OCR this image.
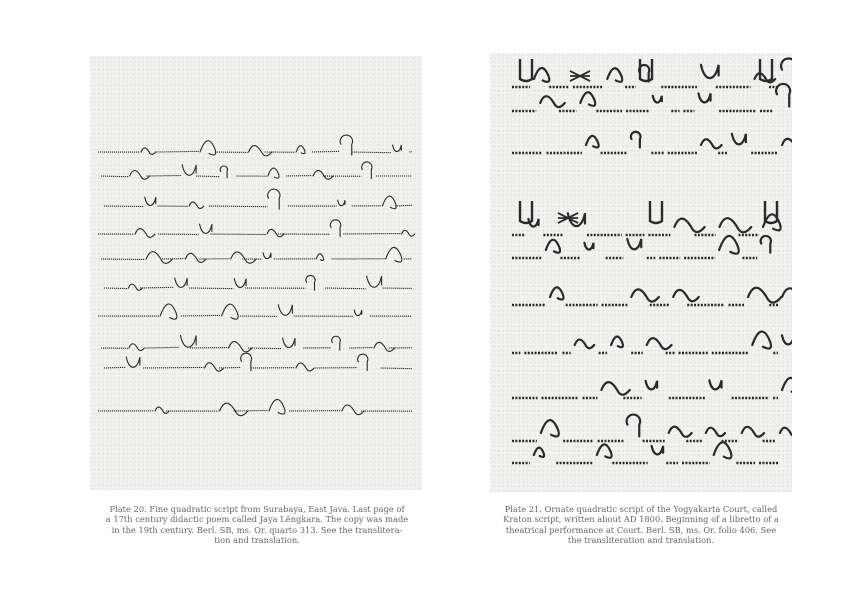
Plate 20. Fine quadratic script from Surabaya, East Java. Last page of
a 17th century didactic poem called Jaya Lĕngkara. The copy was made
in the 19th century. Berl. SB, ms. Or. quarto 313. See the translitera-
tion and translation.
Plate 21. Ornate quadratic script of the Yogyakarta Court, called
Kraton script, written about AD 1800. Beginning of a libretto of a
theatrical performance at Court. Berl. SB, ms. Or. folio 406. See
the transliteration and translation.
